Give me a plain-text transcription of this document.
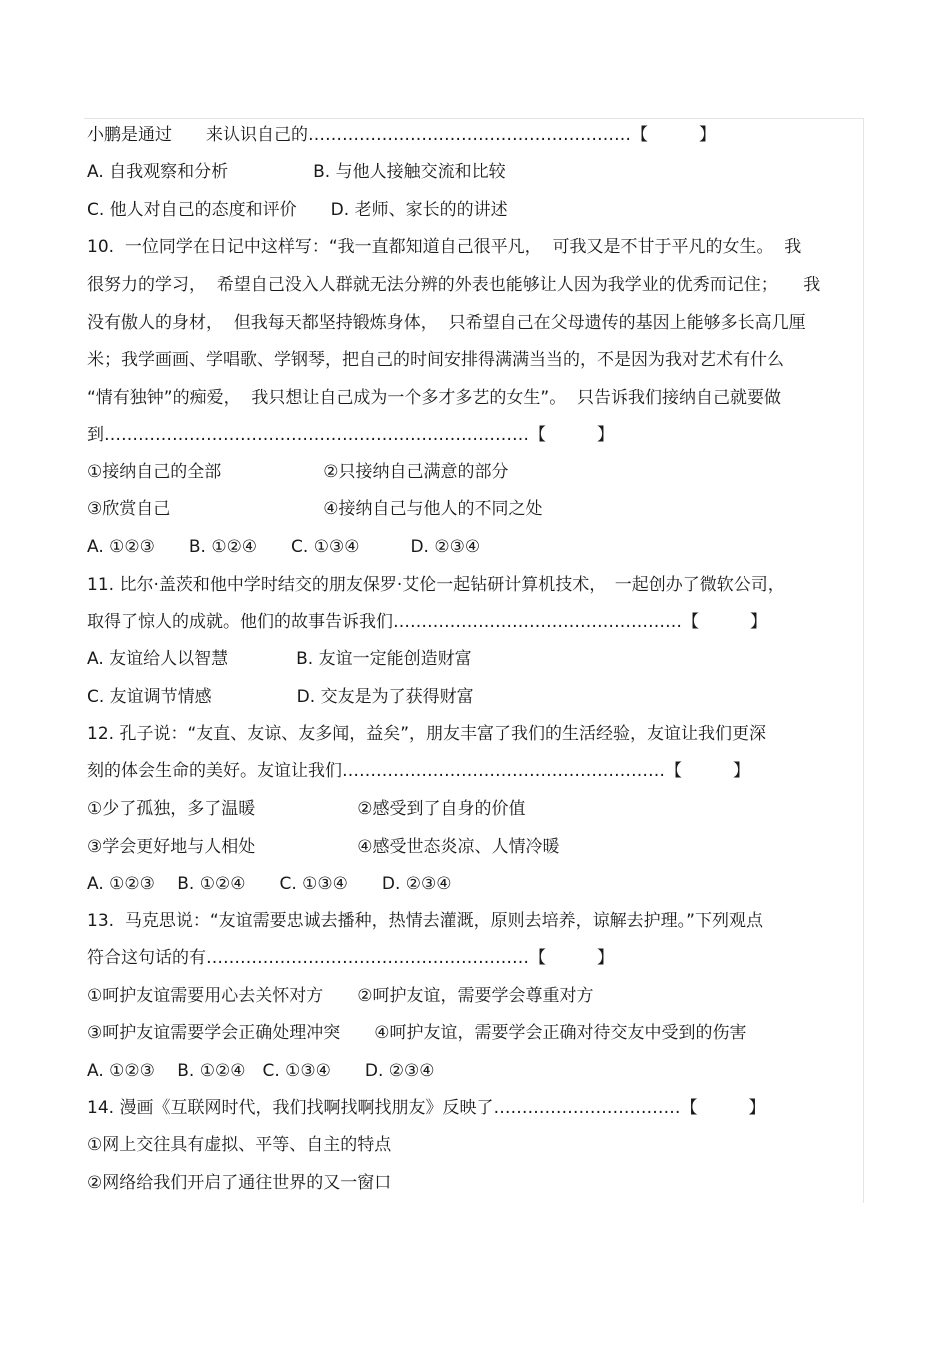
小鹏是通过　　来认识自己的…………………………………………………【　　　】
A. 自我观察和分析　　　　　B. 与他人接触交流和比较
C. 他人对自己的态度和评价　　D. 老师、家长的的讲述
10.  一位同学在日记中这样写：“我一直都知道自己很平凡，  可我又是不甘于平凡的女生。  我
很努力的学习，  希望自己没入人群就无法分辨的外表也能够让人因为我学业的优秀而记住；　　我
没有傲人的身材，  但我每天都坚持锻炼身体，  只希望自己在父母遗传的基因上能够多长高几厘
米；我学画画、学唱歌、学钢琴，把自己的时间安排得满满当当的，不是因为我对艺术有什么
“情有独钟”的痴爱，  我只想让自己成为一个多才多艺的女生”。  只告诉我们接纳自己就要做
到…………………………………………………………………【　　　】
①接纳自己的全部　　　　　　②只接纳自己满意的部分
③欣赏自己　　　　　　　　　④接纳自己与他人的不同之处
A. ①②③　　B. ①②④　　C. ①③④　　　D. ②③④
11. 比尔·盖茨和他中学时结交的朋友保罗·艾伦一起钻研计算机技术，　一起创办了微软公司，
取得了惊人的成就。他们的故事告诉我们……………………………………………【　　　】
A. 友谊给人以智慧　　　　B. 友谊一定能创造财富
C. 友谊调节情感　　　　　D. 交友是为了获得财富
12. 孔子说：“友直、友谅、友多闻，益矣”，朋友丰富了我们的生活经验，友谊让我们更深
刻的体会生命的美好。友谊让我们…………………………………………………【　　　】
①少了孤独，多了温暖　　　　　　②感受到了自身的价值
③学会更好地与人相处　　　　　　④感受世态炎凉、人情冷暖
A. ①②③　 B. ①②④　　C. ①③④　　D. ②③④
13.  马克思说：“友谊需要忠诚去播种，热情去灌溉，原则去培养，谅解去护理。”下列观点
符合这句话的有…………………………………………………【　　　】
①呵护友谊需要用心去关怀对方　　②呵护友谊，需要学会尊重对方
③呵护友谊需要学会正确处理冲突　　④呵护友谊，需要学会正确对待交友中受到的伤害
A. ①②③　 B. ①②④　C. ①③④　　D. ②③④
14. 漫画《互联网时代，我们找啊找啊找朋友》反映了……………………………【　　　】
①网上交往具有虚拟、平等、自主的特点
②网络给我们开启了通往世界的又一窗口
